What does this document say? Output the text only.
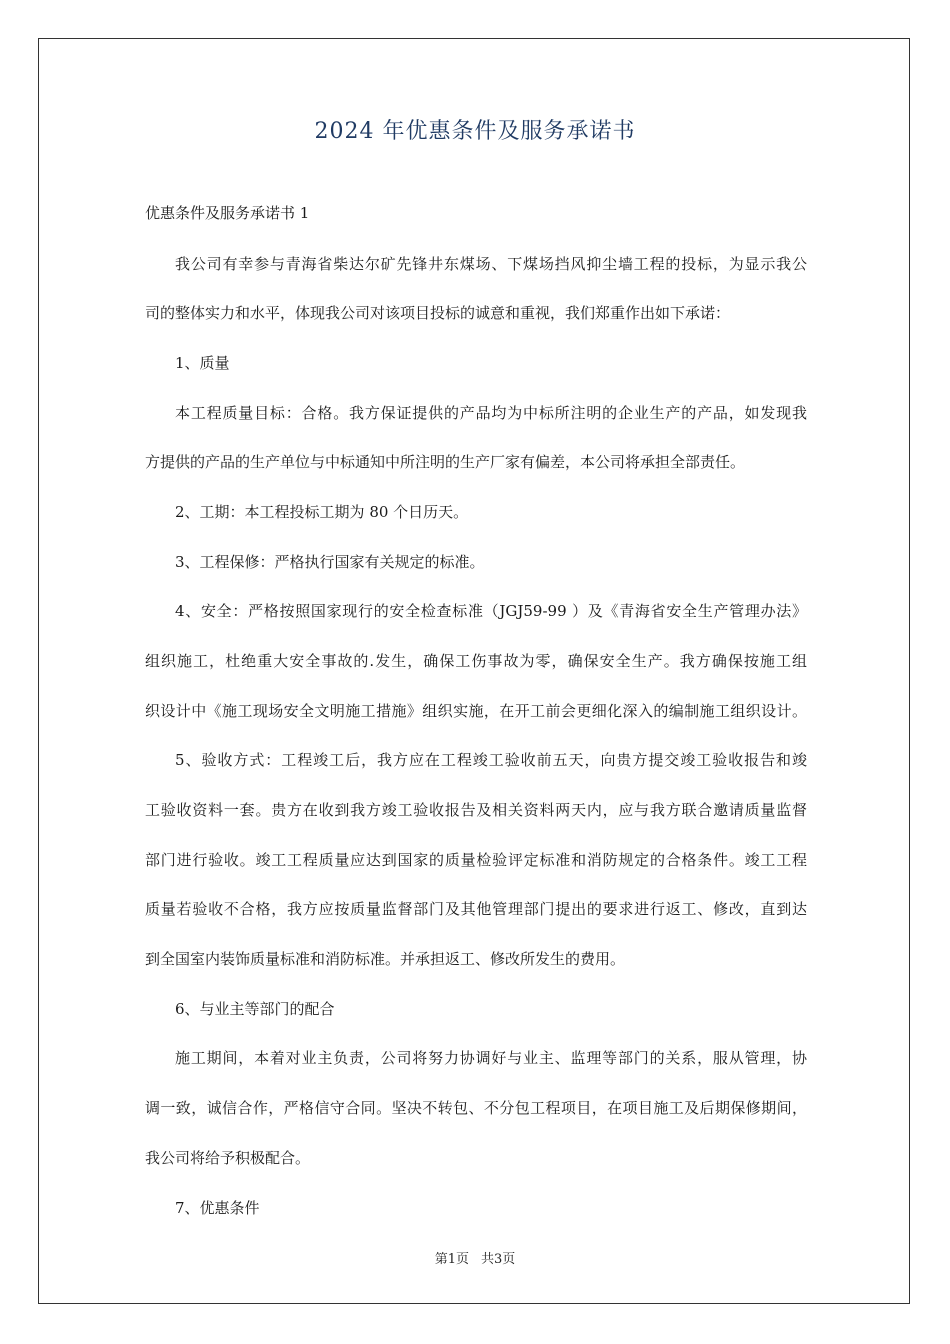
2024 年优惠条件及服务承诺书

优惠条件及服务承诺书 1

我公司有幸参与青海省柴达尔矿先锋井东煤场、下煤场挡风抑尘墙工程的投标，为显示我公

司的整体实力和水平，体现我公司对该项目投标的诚意和重视，我们郑重作出如下承诺：

1、质量

本工程质量目标：合格。我方保证提供的产品均为中标所注明的企业生产的产品，如发现我

方提供的产品的生产单位与中标通知中所注明的生产厂家有偏差，本公司将承担全部责任。

2、工期：本工程投标工期为 80 个日历天。

3、工程保修：严格执行国家有关规定的标准。

4、安全：严格按照国家现行的安全检查标准（JGJ59-99 ）及《青海省安全生产管理办法》

组织施工，杜绝重大安全事故的.发生，确保工伤事故为零，确保安全生产。我方确保按施工组

织设计中《施工现场安全文明施工措施》组织实施，在开工前会更细化深入的编制施工组织设计。

5、验收方式：工程竣工后，我方应在工程竣工验收前五天，向贵方提交竣工验收报告和竣

工验收资料一套。贵方在收到我方竣工验收报告及相关资料两天内，应与我方联合邀请质量监督

部门进行验收。竣工工程质量应达到国家的质量检验评定标准和消防规定的合格条件。竣工工程

质量若验收不合格，我方应按质量监督部门及其他管理部门提出的要求进行返工、修改，直到达

到全国室内装饰质量标准和消防标准。并承担返工、修改所发生的费用。

6、与业主等部门的配合

施工期间，本着对业主负责，公司将努力协调好与业主、监理等部门的关系，服从管理，协

调一致，诚信合作，严格信守合同。坚决不转包、不分包工程项目，在项目施工及后期保修期间，

我公司将给予积极配合。

7、优惠条件

第1页 共3页
